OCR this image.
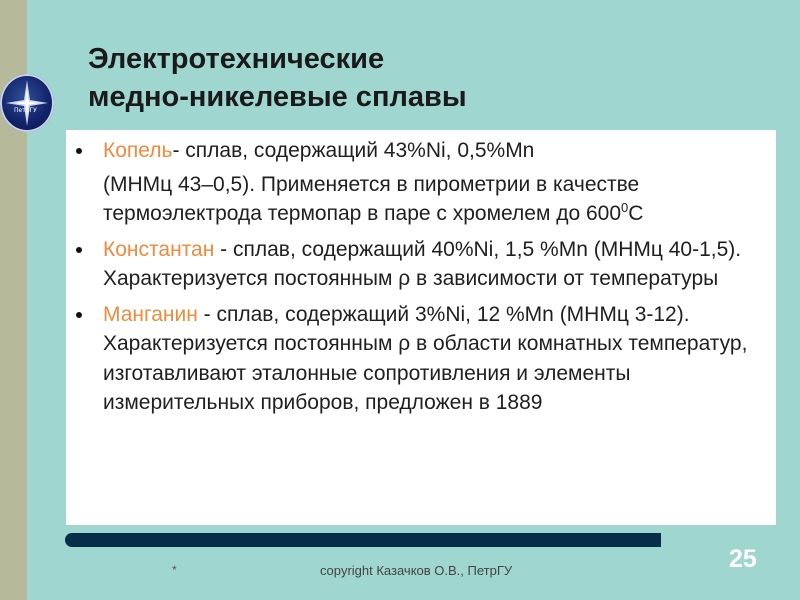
ПетрГУ
Электротехнические
медно-никелевые сплавы
Копель- сплав, содержащий 43%Ni, 0,5%Mn
(МНМц 43–0,5). Применяется в пирометрии в качестве термоэлектрода термопар в паре с хромелем до $600^0С$
Константан - сплав, содержащий 40%Ni, 1,5 %Mn (МНМц 40-1,5). Характеризуется постоянным ρ в зависимости от температуры
Манганин - сплав, содержащий 3%Ni, 12 %Mn (МНМц 3-12). Характеризуется постоянным ρ в области комнатных температур, изготавливают эталонные сопротивления и элементы измерительных приборов, предложен в 1889
*	copyright Казачков О.В., ПетрГУ	25
